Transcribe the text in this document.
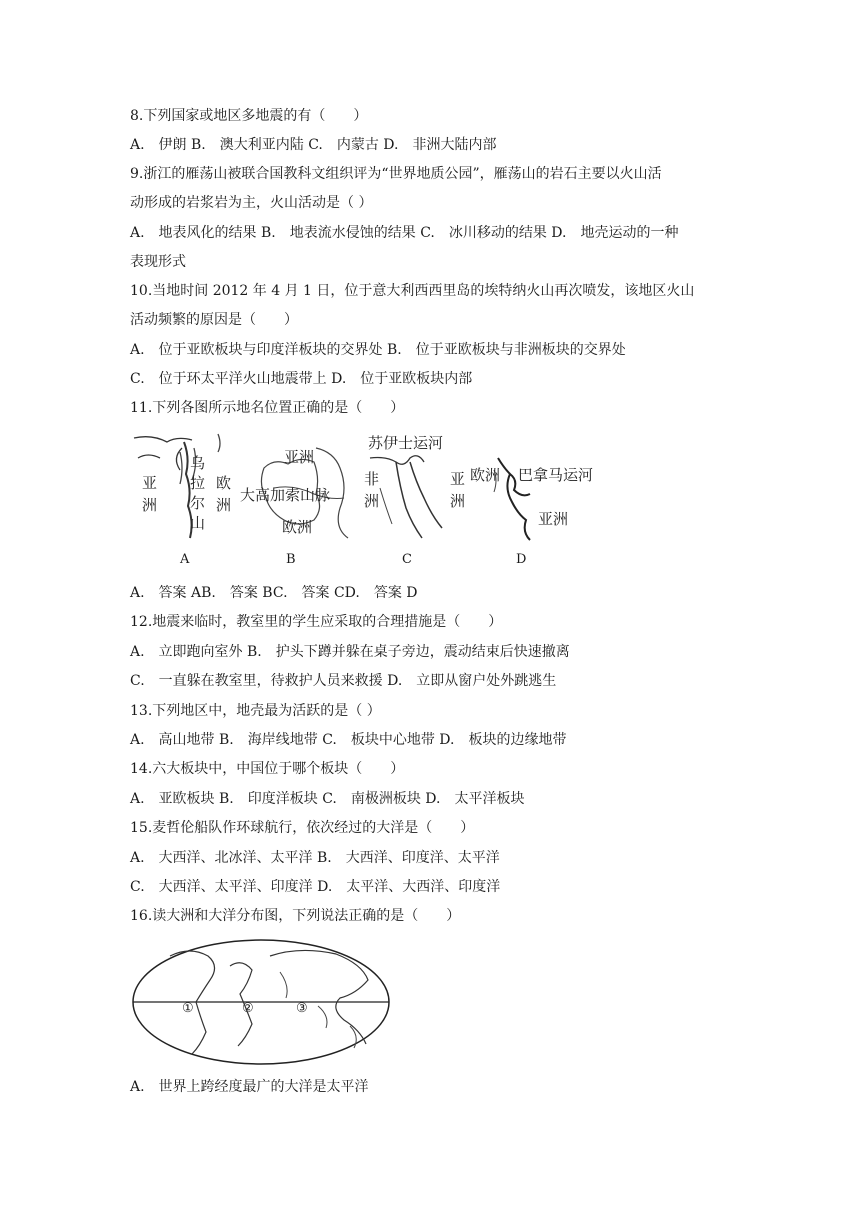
8.下列国家或地区多地震的有（　　）
A.　伊朗 B.　澳大利亚内陆 C.　内蒙古 D.　非洲大陆内部
9.浙江的雁荡山被联合国教科文组织评为“世界地质公园”，雁荡山的岩石主要以火山活
动形成的岩浆岩为主，火山活动是（ ）
A.　地表风化的结果 B.　地表流水侵蚀的结果 C.　冰川移动的结果 D.　地壳运动的一种
表现形式
10.当地时间 2012 年 4 月 1 日，位于意大利西西里岛的埃特纳火山再次喷发，该地区火山
活动频繁的原因是（　　）
A.　位于亚欧板块与印度洋板块的交界处 B.　位于亚欧板块与非洲板块的交界处
C.　位于环太平洋火山地震带上 D.　位于亚欧板块内部
11.下列各图所示地名位置正确的是（　　）
亚
洲
乌
拉
尔
山
欧
洲
亚洲
大高加索山脉
欧洲
苏伊士运河
非
洲
亚
洲
欧洲 巴拿马运河
亚洲
A	B	C	D
A.　答案 AB.　答案 BC.　答案 CD.　答案 D
12.地震来临时，教室里的学生应采取的合理措施是（　　）
A.　立即跑向室外 B.　护头下蹲并躲在桌子旁边，震动结束后快速撤离
C.　一直躲在教室里，待救护人员来救援 D.　立即从窗户处外跳逃生
13.下列地区中，地壳最为活跃的是（ ）
A.　高山地带 B.　海岸线地带 C.　板块中心地带 D.　板块的边缘地带
14.六大板块中，中国位于哪个板块（　　）
A.　亚欧板块 B.　印度洋板块 C.　南极洲板块 D.　太平洋板块
15.麦哲伦船队作环球航行，依次经过的大洋是（　　）
A.　大西洋、北冰洋、太平洋 B.　大西洋、印度洋、太平洋
C.　大西洋、太平洋、印度洋 D.　太平洋、大西洋、印度洋
16.读大洲和大洋分布图，下列说法正确的是（　　）
①	②	③
A.　世界上跨经度最广的大洋是太平洋
